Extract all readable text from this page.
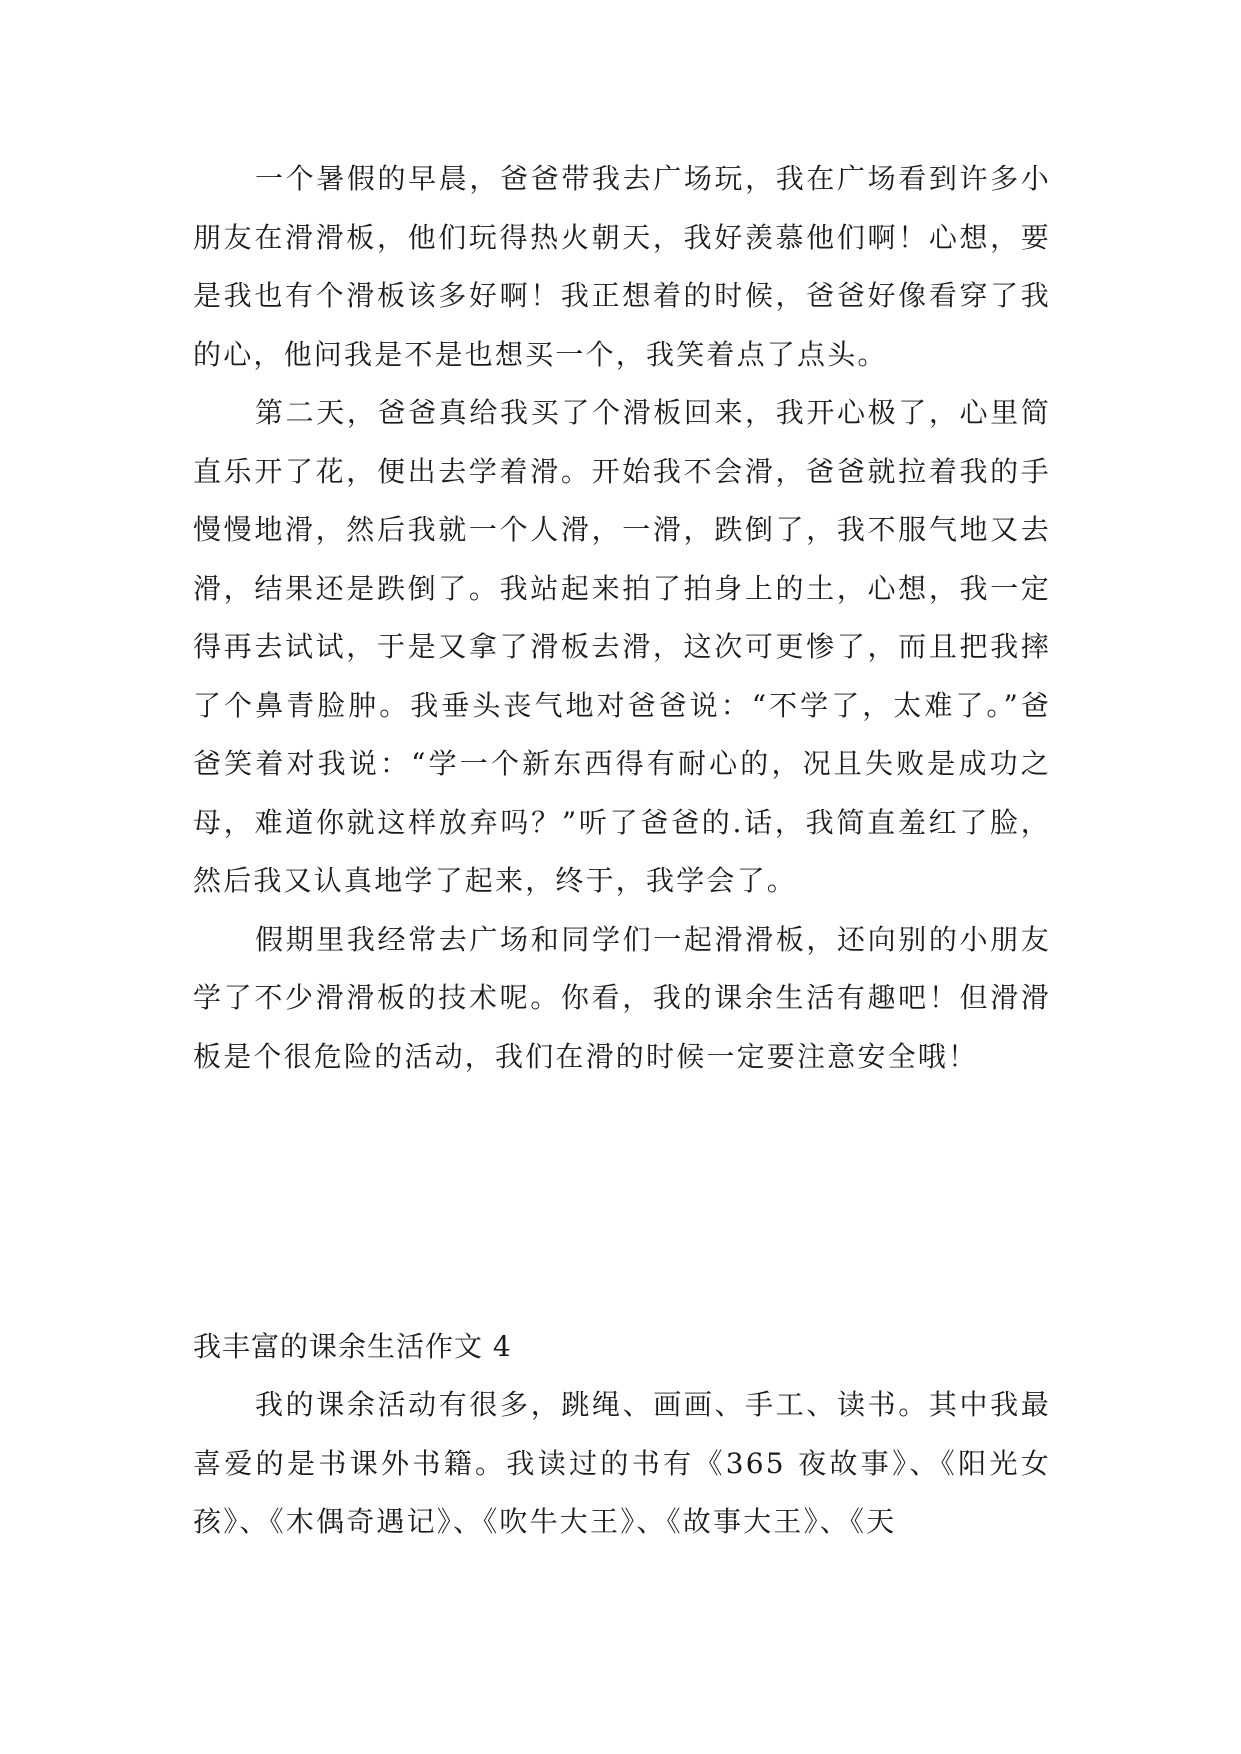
一个暑假的早晨，爸爸带我去广场玩，我在广场看到许多小朋友在滑滑板，他们玩得热火朝天，我好羡慕他们啊！心想，要是我也有个滑板该多好啊！我正想着的时候，爸爸好像看穿了我的心，他问我是不是也想买一个，我笑着点了点头。

第二天，爸爸真给我买了个滑板回来，我开心极了，心里简直乐开了花，便出去学着滑。开始我不会滑，爸爸就拉着我的手慢慢地滑，然后我就一个人滑，一滑，跌倒了，我不服气地又去滑，结果还是跌倒了。我站起来拍了拍身上的土，心想，我一定得再去试试，于是又拿了滑板去滑，这次可更惨了，而且把我摔了个鼻青脸肿。我垂头丧气地对爸爸说：“不学了，太难了。”爸爸笑着对我说：“学一个新东西得有耐心的，况且失败是成功之母，难道你就这样放弃吗？”听了爸爸的.话，我简直羞红了脸，然后我又认真地学了起来，终于，我学会了。

假期里我经常去广场和同学们一起滑滑板，还向别的小朋友学了不少滑滑板的技术呢。你看，我的课余生活有趣吧！但滑滑板是个很危险的活动，我们在滑的时候一定要注意安全哦！

我丰富的课余生活作文 4

我的课余活动有很多，跳绳、画画、手工、读书。其中我最喜爱的是书课外书籍。我读过的书有《365 夜故事》、《阳光女孩》、《木偶奇遇记》、《吹牛大王》、《故事大王》、《天
